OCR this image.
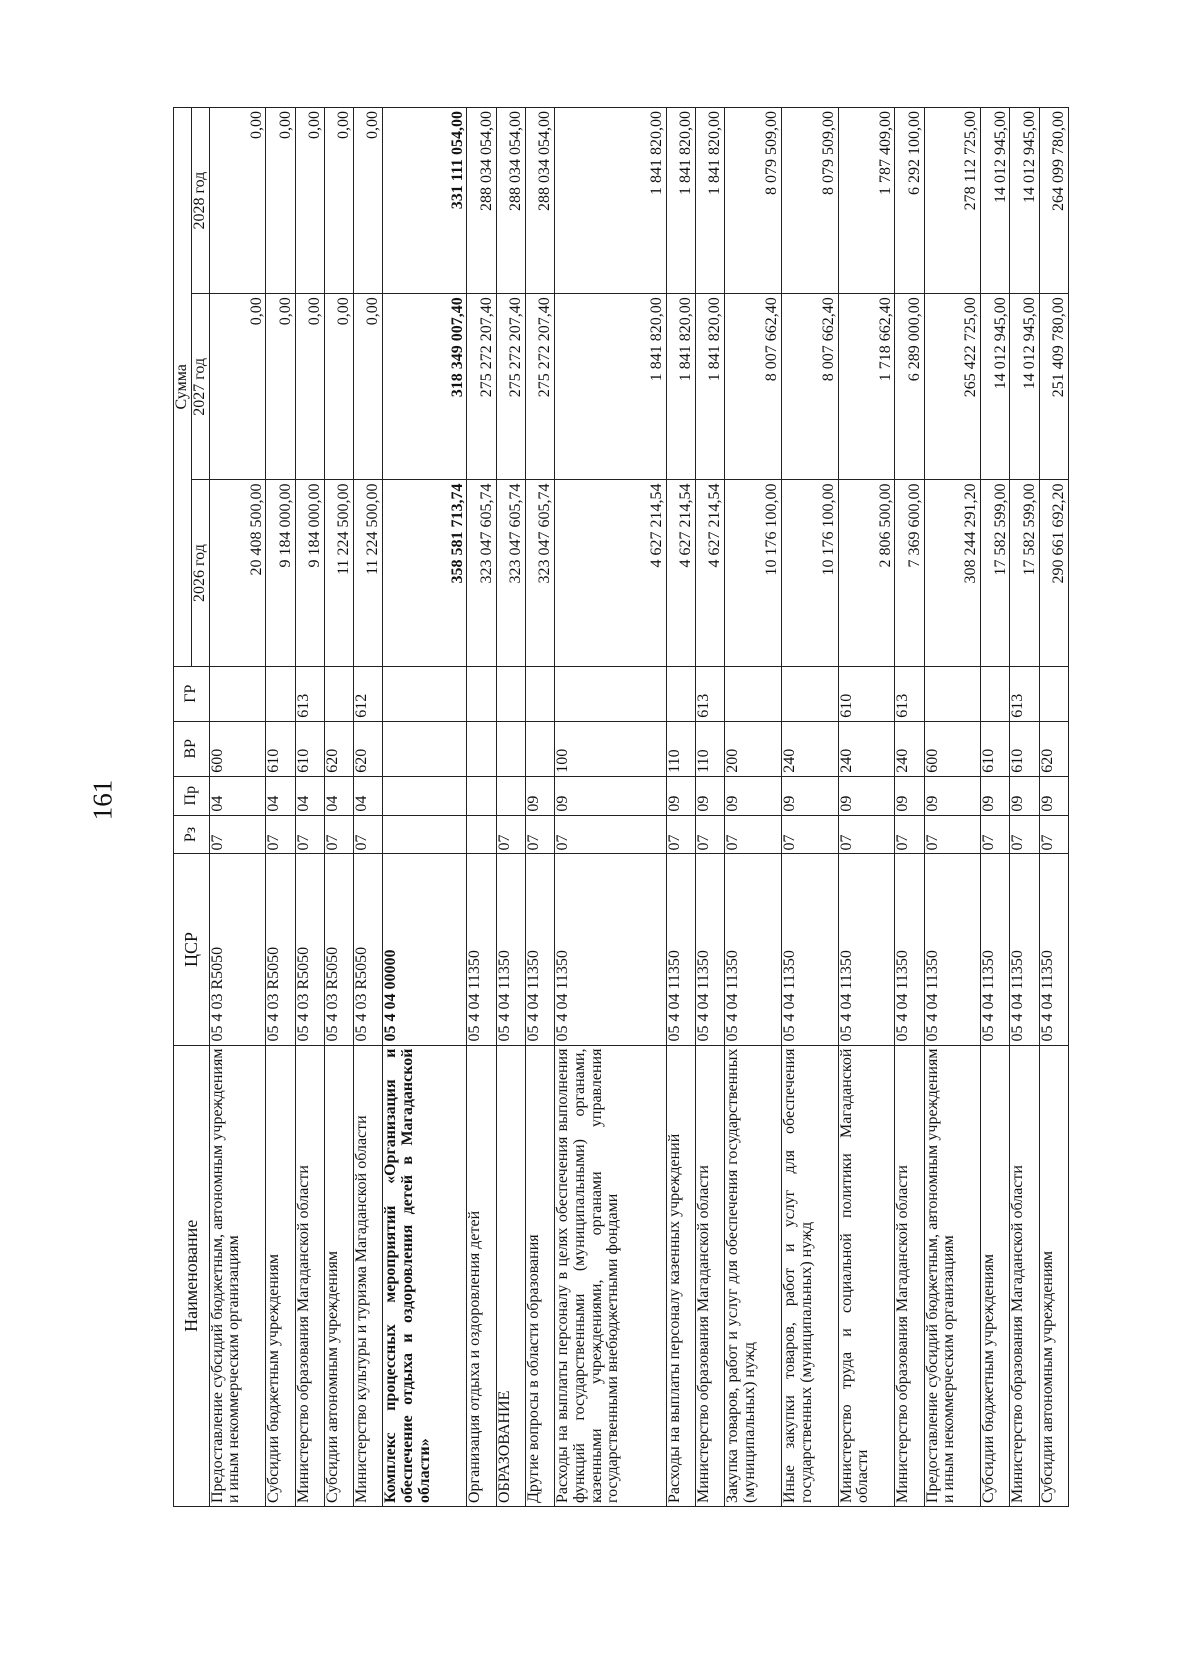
161
Наименование	ЦСР	Рз	Пр	ВР	ГР	Сумма		
						2026 год	2027 год	2028 год
Предоставление субсидий бюджетным, автономным учреждениям и иным некоммерческим организациям	05 4 03 R5050	07	04	600		20 408 500,00	0,00	0,00
Субсидии бюджетным учреждениям	05 4 03 R5050	07	04	610		9 184 000,00	0,00	0,00
Министерство образования Магаданской области	05 4 03 R5050	07	04	610	613	9 184 000,00	0,00	0,00
Субсидии автономным учреждениям	05 4 03 R5050	07	04	620		11 224 500,00	0,00	0,00
Министерство культуры и туризма Магаданской области	05 4 03 R5050	07	04	620	612	11 224 500,00	0,00	0,00
Комплекс процессных мероприятий «Организация и обеспечение отдыха и оздоровления детей в Магаданской области»	05 4 04 00000					358 581 713,74	318 349 007,40	331 111 054,00
Организация отдыха и оздоровления детей	05 4 04 11350					323 047 605,74	275 272 207,40	288 034 054,00
ОБРАЗОВАНИЕ	05 4 04 11350	07				323 047 605,74	275 272 207,40	288 034 054,00
Другие вопросы в области образования	05 4 04 11350	07	09			323 047 605,74	275 272 207,40	288 034 054,00
Расходы на выплаты персоналу в целях обеспечения выполнения функций государственными (муниципальными) органами, казенными учреждениями, органами управления государственными внебюджетными фондами	05 4 04 11350	07	09	100		4 627 214,54	1 841 820,00	1 841 820,00
Расходы на выплаты персоналу казенных учреждений	05 4 04 11350	07	09	110		4 627 214,54	1 841 820,00	1 841 820,00
Министерство образования Магаданской области	05 4 04 11350	07	09	110	613	4 627 214,54	1 841 820,00	1 841 820,00
Закупка товаров, работ и услуг для обеспечения государственных (муниципальных) нужд	05 4 04 11350	07	09	200		10 176 100,00	8 007 662,40	8 079 509,00
Иные закупки товаров, работ и услуг для обеспечения государственных (муниципальных) нужд	05 4 04 11350	07	09	240		10 176 100,00	8 007 662,40	8 079 509,00
Министерство труда и социальной политики Магаданской области	05 4 04 11350	07	09	240	610	2 806 500,00	1 718 662,40	1 787 409,00
Министерство образования Магаданской области	05 4 04 11350	07	09	240	613	7 369 600,00	6 289 000,00	6 292 100,00
Предоставление субсидий бюджетным, автономным учреждениям и иным некоммерческим организациям	05 4 04 11350	07	09	600		308 244 291,20	265 422 725,00	278 112 725,00
Субсидии бюджетным учреждениям	05 4 04 11350	07	09	610		17 582 599,00	14 012 945,00	14 012 945,00
Министерство образования Магаданской области	05 4 04 11350	07	09	610	613	17 582 599,00	14 012 945,00	14 012 945,00
Субсидии автономным учреждениям	05 4 04 11350	07	09	620		290 661 692,20	251 409 780,00	264 099 780,00
